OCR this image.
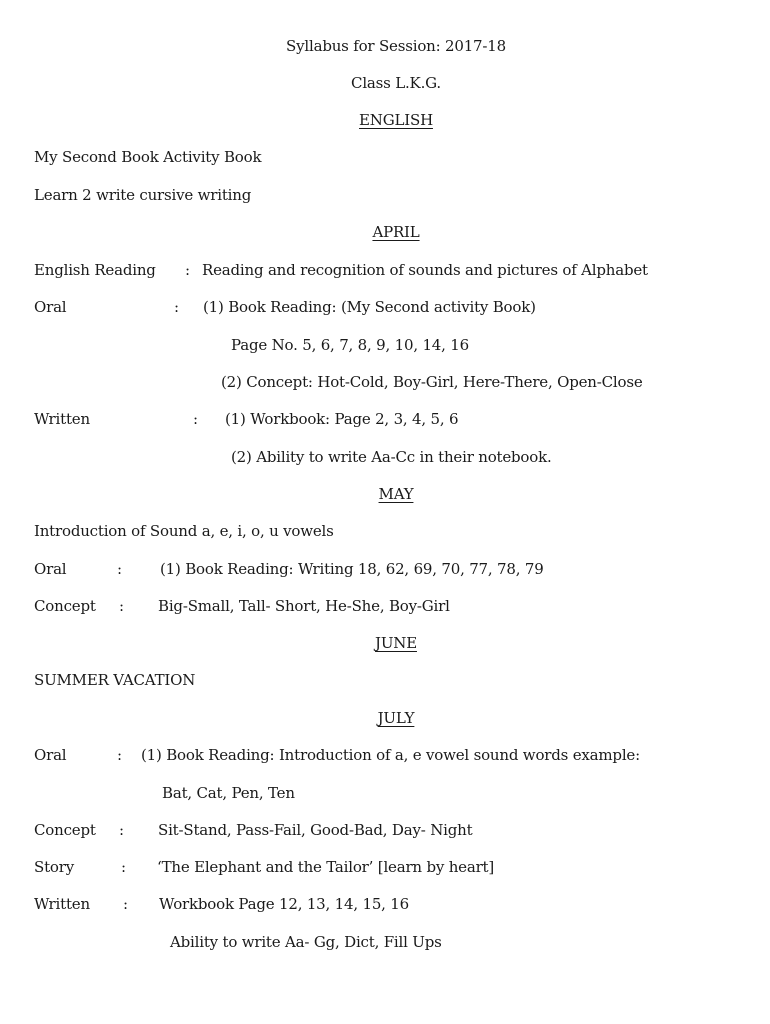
Syllabus for Session: 2017-18
Class L.K.G.
ENGLISH
My Second Book Activity Book
Learn 2 write cursive writing
APRIL
English Reading : Reading and recognition of sounds and pictures of Alphabet
Oral	: (1) Book Reading: (My Second activity Book)
Page No. 5, 6, 7, 8, 9, 10, 14, 16
(2) Concept: Hot-Cold, Boy-Girl, Here-There, Open-Close
Written	: (1) Workbook: Page 2, 3, 4, 5, 6
(2) Ability to write Aa-Cc in their notebook.
MAY
Introduction of Sound a, e, i, o, u vowels
Oral	:	(1) Book Reading: Writing 18, 62, 69, 70, 77, 78, 79
Concept : Big-Small, Tall- Short, He-She, Boy-Girl
JUNE
SUMMER VACATION
JULY
Oral	: (1) Book Reading: Introduction of a, e vowel sound words example:
Bat, Cat, Pen, Ten
Concept : Sit-Stand, Pass-Fail, Good-Bad, Day- Night
Story	: ‘The Elephant and the Tailor’ [learn by heart]
Written : Workbook Page 12, 13, 14, 15, 16
Ability to write Aa- Gg, Dict, Fill Ups
